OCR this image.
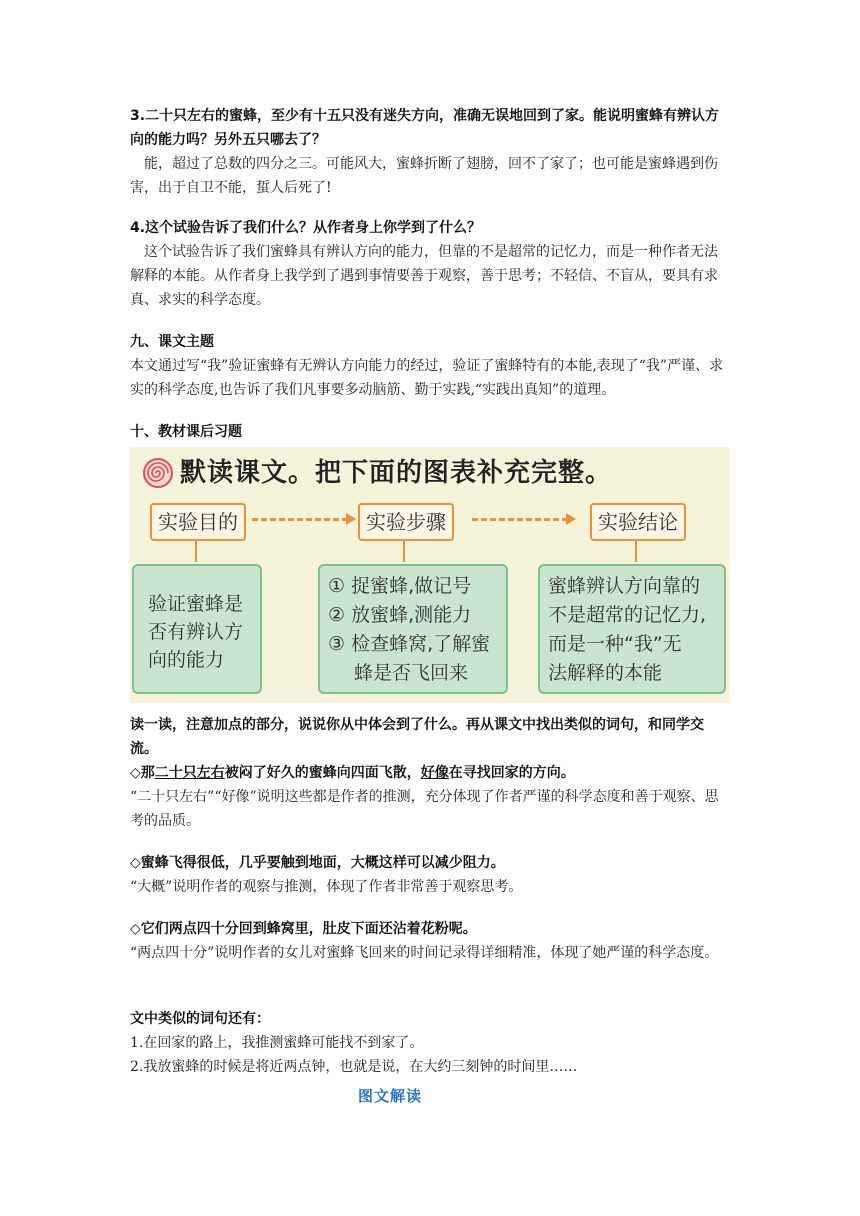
3.二十只左右的蜜蜂，至少有十五只没有迷失方向，准确无误地回到了家。能说明蜜蜂有辨认方向的能力吗？另外五只哪去了？
能，超过了总数的四分之三。可能风大，蜜蜂折断了翅膀，回不了家了；也可能是蜜蜂遇到伤害，出于自卫不能，蜇人后死了!
4.这个试验告诉了我们什么？从作者身上你学到了什么？
这个试验告诉了我们蜜蜂具有辨认方向的能力，但靠的不是超常的记忆力，而是一种作者无法解释的本能。从作者身上我学到了遇到事情要善于观察，善于思考；不轻信、不盲从，要具有求真、求实的科学态度。
九、课文主题
本文通过写“我”验证蜜蜂有无辨认方向能力的经过，验证了蜜蜂特有的本能,表现了“我”严谨、求实的科学态度,也告诉了我们凡事要多动脑筋、勤于实践,“实践出真知”的道理。
十、教材课后习题
默读课文。把下面的图表补充完整。
实验目的	实验步骤	实验结论
验证蜜蜂是
否有辨认方
向的能力
① 捉蜜蜂,做记号
② 放蜜蜂,测能力
③ 检查蜂窝,了解蜜
蜂是否飞回来
蜜蜂辨认方向靠的
不是超常的记忆力,
而是一种“我”无
法解释的本能
读一读，注意加点的部分，说说你从中体会到了什么。再从课文中找出类似的词句，和同学交流。
◇那二十只左右被闷了好久的蜜蜂向四面飞散，好像在寻找回家的方向。
“二十只左右”“好像”说明这些都是作者的推测，充分体现了作者严谨的科学态度和善于观察、思考的品质。
◇蜜蜂飞得很低，几乎要触到地面，大概这样可以减少阻力。
“大概”说明作者的观察与推测，体现了作者非常善于观察思考。
◇它们两点四十分回到蜂窝里，肚皮下面还沾着花粉呢。
“两点四十分”说明作者的女儿对蜜蜂飞回来的时间记录得详细精准，体现了她严谨的科学态度。
文中类似的词句还有：
1.在回家的路上，我推测蜜蜂可能找不到家了。
2.我放蜜蜂的时候是将近两点钟，也就是说，在大约三刻钟的时间里……
图文解读
